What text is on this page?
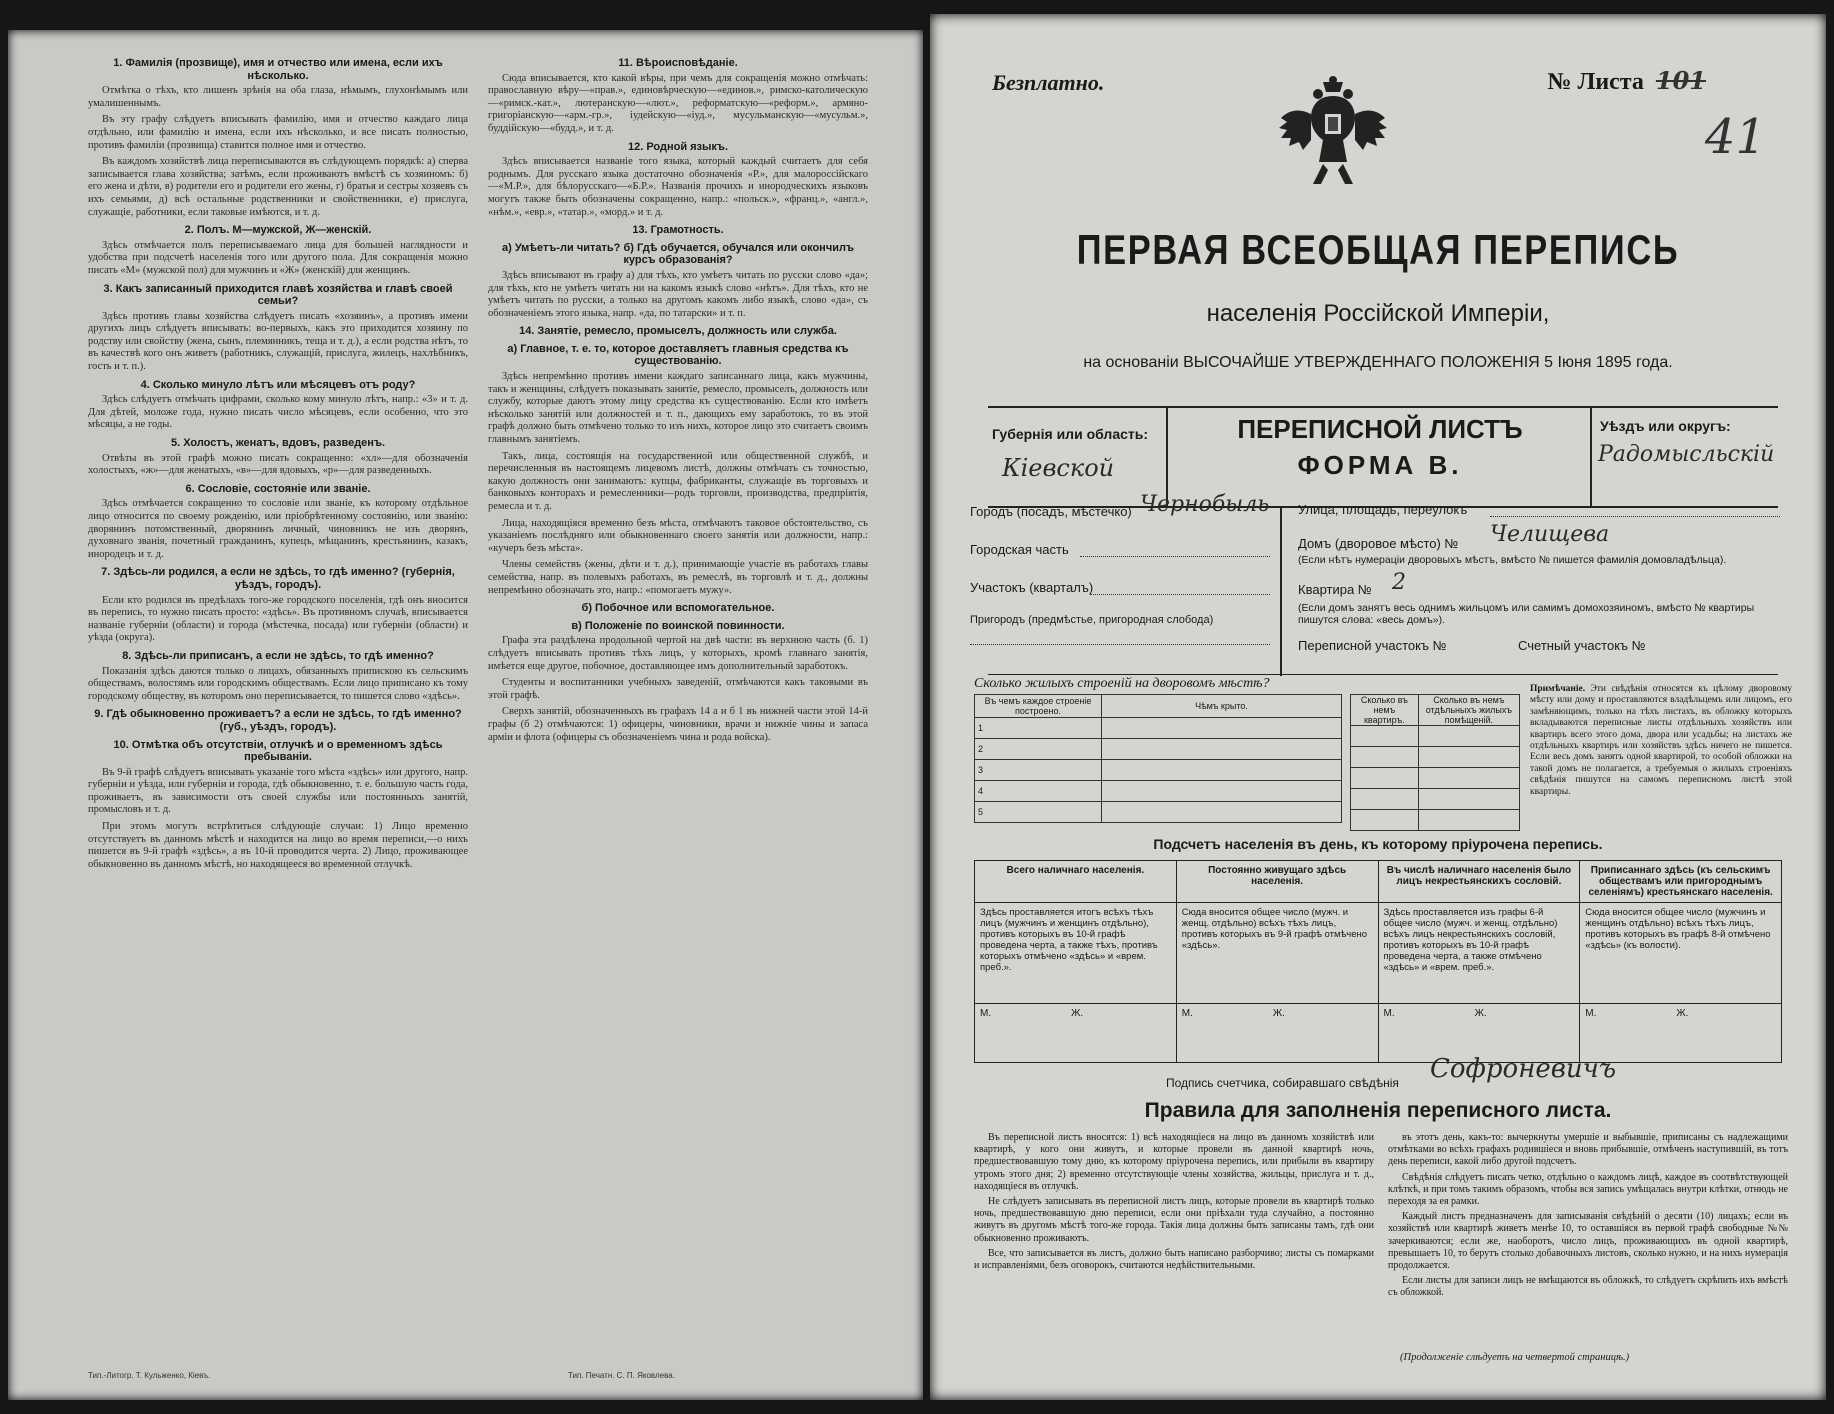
1. Фамилія (прозвище), имя и отчество или имена, если ихъ нѣсколько.

Отмѣтка о тѣхъ, кто лишенъ зрѣнія на оба глаза, нѣмымъ, глухонѣмымъ или умалишеннымъ.

Въ эту графу слѣдуетъ вписывать фамилію, имя и отчество каждаго лица отдѣльно, или фамилію и имена, если ихъ нѣсколько, и все писать полностью, противъ фамиліи (прозвища) ставится полное имя и отчество.

Въ каждомъ хозяйствѣ лица переписываются въ слѣдующемъ порядкѣ: а) сперва записывается глава хозяйства; затѣмъ, если проживаютъ вмѣстѣ съ хозяиномъ: б) его жена и дѣти, в) родители его и родители его жены, г) братья и сестры хозяевъ съ ихъ семьями, д) всѣ остальные родственники и свойственники, е) прислуга, служащіе, работники, если таковые имѣются, и т. д.

2. Полъ. М—мужской, Ж—женскій.

Здѣсь отмѣчается полъ переписываемаго лица для большей наглядности и удобства при подсчетѣ населенія того или другого пола. Для сокращенія можно писать «М» (мужской пол) для мужчинъ и «Ж» (женскій) для женщинъ.

3. Какъ записанный приходится главѣ хозяйства и главѣ своей семьи?

Здѣсь противъ главы хозяйства слѣдуетъ писать «хозяинъ», а противъ имени другихъ лицъ слѣдуетъ вписывать: во-первыхъ, какъ это приходится хозяину по родству или свойству (жена, сынъ, племянникъ, теща и т. д.), а если родства нѣтъ, то въ качествѣ кого онъ живетъ (работникъ, служащій, прислуга, жилецъ, нахлѣбникъ, гость и т. п.).

4. Сколько минуло лѣтъ или мѣсяцевъ отъ роду?

Здѣсь слѣдуетъ отмѣчать цифрами, сколько кому минуло лѣтъ, напр.: «3» и т. д. Для дѣтей, моложе года, нужно писать число мѣсяцевъ, если особенно, что это мѣсяцы, а не годы.

5. Холостъ, женатъ, вдовъ, разведенъ.

Отвѣты въ этой графѣ можно писать сокращенно: «хл»—для обозначенія холостыхъ, «ж»—для женатыхъ, «в»—для вдовыхъ, «р»—для разведенныхъ.

6. Сословіе, состояніе или званіе.

Здѣсь отмѣчается сокращенно то сословіе или званіе, къ которому отдѣльное лицо относится по своему рожденію, или пріобрѣтенному состоянію, или званію: дворянинъ потомственный, дворянинъ личный, чиновникъ не изъ дворянъ, духовнаго званія, почетный гражданинъ, купецъ, мѣщанинъ, крестьянинъ, казакъ, инородецъ и т. д.

7. Здѣсь-ли родился, а если не здѣсь, то гдѣ именно? (губернія, уѣздъ, городъ).

Если кто родился въ предѣлахъ того-же городского поселенія, гдѣ онъ вносится въ перепись, то нужно писать просто: «здѣсь». Въ противномъ случаѣ, вписывается названіе губерніи (области) и города (мѣстечка, посада) или губерніи (области) и уѣзда (округа).

8. Здѣсь-ли приписанъ, а если не здѣсь, то гдѣ именно?

Показанія здѣсь даются только о лицахъ, обязанныхъ припискою къ сельскимъ обществамъ, волостямъ или городскимъ обществамъ. Если лицо приписано къ тому городскому обществу, въ которомъ оно переписывается, то пишется слово «здѣсь».

9. Гдѣ обыкновенно проживаетъ? а если не здѣсь, то гдѣ именно? (губ., уѣздъ, городъ).
10. Отмѣтка объ отсутствіи, отлучкѣ и о временномъ здѣсь пребываніи.

Въ 9-й графѣ слѣдуетъ вписывать указаніе того мѣста «здѣсь» или другого, напр. губерніи и уѣзда, или губерніи и города, гдѣ обыкновенно, т. е. большую часть года, проживаетъ, въ зависимости отъ своей службы или постоянныхъ занятій, промысловъ и т. д.

При этомъ могутъ встрѣтиться слѣдующіе случаи: 1) Лицо временно отсутствуетъ въ данномъ мѣстѣ и находится на лицо во время переписи,—о нихъ пишется въ 9-й графѣ «здѣсь», а въ 10-й проводится черта. 2) Лицо, проживающее обыкновенно въ данномъ мѣстѣ, но находящееся во временной отлучкѣ.

11. Вѣроисповѣданіе.

Сюда вписывается, кто какой вѣры, при чемъ для сокращенія можно отмѣчать: православную вѣру—«прав.», единовѣрческую—«единов.», римско-католическую—«римск.-кат.», лютеранскую—«лют.», реформатскую—«реформ.», армяно-григоріанскую—«арм.-гр.», іудейскую—«іуд.», мусульманскую—«мусульм.», буддійскую—«будд.», и т. д.

12. Родной языкъ.

Здѣсь вписывается названіе того языка, который каждый считаетъ для себя роднымъ. Для русскаго языка достаточно обозначенія «Р.», для малороссійскаго—«М.Р.», для бѣлорусскаго—«Б.Р.». Названія прочихъ и инородческихъ языковъ могутъ также быть обозначены сокращенно, напр.: «польск.», «франц.», «англ.», «нѣм.», «евр.», «татар.», «морд.» и т. д.

13. Грамотность.
а) Умѣетъ-ли читать? б) Гдѣ обучается, обучался или окончилъ курсъ образованія?

Здѣсь вписывают въ графу а) для тѣхъ, кто умѣетъ читать по русски слово «да»; для тѣхъ, кто не умѣетъ читать ни на какомъ языкѣ слово «нѣтъ». Для тѣхъ, кто не умѣетъ читать по русски, а только на другомъ какомъ либо языкѣ, слово «да», съ обозначеніемъ этого языка, напр. «да, по татарски» и т. п.

14. Занятіе, ремесло, промыселъ, должность или служба.
а) Главное, т. е. то, которое доставляетъ главныя средства къ существованію.

Здѣсь непремѣнно противъ имени каждаго записаннаго лица, какъ мужчины, такъ и женщины, слѣдуетъ показывать занятіе, ремесло, промыселъ, должность или службу, которые даютъ этому лицу средства къ существованію. Если кто имѣетъ нѣсколько занятій или должностей и т. п., дающихъ ему заработокъ, то въ этой графѣ должно быть отмѣчено только то изъ нихъ, которое лицо это считаетъ своимъ главнымъ занятіемъ.

Такъ, лица, состоящія на государственной или общественной службѣ, и перечисленныя въ настоящемъ лицевомъ листѣ, должны отмѣчать съ точностью, какую должность они занимаютъ: купцы, фабриканты, служащіе въ торговыхъ и банковыхъ конторахъ и ремесленники—родъ торговли, производства, предпріятія, ремесла и т. д.

Лица, находящіяся временно безъ мѣста, отмѣчаютъ таковое обстоятельство, съ указаніемъ послѣдняго или обыкновеннаго своего занятія или должности, напр.: «кучеръ безъ мѣста».

Члены семействъ (жены, дѣти и т. д.), принимающіе участіе въ работахъ главы семейства, напр. въ полевыхъ работахъ, въ ремеслѣ, въ торговлѣ и т. д., должны непремѣнно обозначать это, напр.: «помогаетъ мужу».

б) Побочное или вспомогательное.
в) Положеніе по воинской повинности.

Графа эта раздѣлена продольной чертой на двѣ части: въ верхнюю часть (б. 1) слѣдуетъ вписывать противъ тѣхъ лицъ, у которыхъ, кромѣ главнаго занятія, имѣется еще другое, побочное, доставляющее имъ дополнительный заработокъ.

Студенты и воспитанники учебныхъ заведеній, отмѣчаются какъ таковыми въ этой графѣ.

Сверхъ занятій, обозначенныхъ въ графахъ 14 а и б 1 въ нижней части этой 14-й графы (б 2) отмѣчаются: 1) офицеры, чиновники, врачи и нижніе чины и запаса арміи и флота (офицеры съ обозначеніемъ чина и рода войска).

Тип.-Литогр. Т. Кульженко, Кіевъ.	Тип. Печатн. С. П. Яковлева.
Безплатно.	№ Листа 101
41
ПЕРВАЯ ВСЕОБЩАЯ ПЕРЕПИСЬ
населенія Россійской Имперіи,
на основаніи ВЫСОЧАЙШЕ УТВЕРЖДЕННАГО ПОЛОЖЕНІЯ 5 Іюня 1895 года.
Губернія или область:
Кіевской
ПЕРЕПИСНОЙ ЛИСТЪ
ФОРМА В.
Уѣздъ или округъ:
Радомысльскій
Городъ (посадъ, мѣстечко) Чернобыль
Городская часть
Участокъ (кварталъ)
Пригородъ (предмѣстье, пригородная слобода)
Улица, площадь, переулокъ
Домъ (дворовое мѣсто) № Челищева
(Если нѣтъ нумераціи дворовыхъ мѣстъ, вмѣсто № пишется фамилія домовладѣльца).
Квартира № 2
(Если домъ занятъ весь однимъ жильцомъ или самимъ домохозяиномъ, вмѣсто № квартиры пишутся слова: «весь домъ»).
Переписной участокъ №	Счетный участокъ №
Сколько жилыхъ строеній на дворовомъ мѣстѣ?
Въ чемъ каждое строеніе построено.	Чѣмъ крыто.
1	
2	
3	
4	
5	
Сколько въ немъ квартиръ.	Сколько въ немъ отдѣльныхъ жилыхъ помѣщеній.

Примѣчаніе. Эти свѣдѣнія относятся къ цѣлому дворовому мѣсту или дому и проставляются владѣльцемъ или лицомъ, его замѣняющимъ, только на тѣхъ листахъ, въ обложку которыхъ вкладываются переписные листы отдѣльныхъ хозяйствъ или квартиръ всего этого дома, двора или усадьбы; на листахъ же отдѣльныхъ квартиръ или хозяйствъ здѣсь ничего не пишется. Если весь домъ занятъ одной квартирой, то особой обложки на такой домъ не полагается, а требуемыя о жилыхъ строеніяхъ свѣдѣнія пишутся на самомъ переписномъ листѣ этой квартиры.
Подсчетъ населенія въ день, къ которому пріурочена перепись.
Всего наличнаго населенія.	Постоянно живущаго здѣсь населенія.	Въ числѣ наличнаго населенія было лицъ некрестьянскихъ сословій.	Приписаннаго здѣсь (къ сельскимъ обществамъ или пригороднымъ селеніямъ) крестьянскаго населенія.
Здѣсь проставляется итогъ всѣхъ тѣхъ лицъ (мужчинъ и женщинъ отдѣльно), противъ которыхъ въ 10-й графѣ проведена черта, а также тѣхъ, противъ которыхъ отмѣчено «здѣсь» и «врем. преб.».	Сюда вносится общее число (мужч. и женщ. отдѣльно) всѣхъ тѣхъ лицъ, противъ которыхъ въ 9-й графѣ отмѣчено «здѣсь».	Здѣсь проставляется изъ графы 6-й общее число (мужч. и женщ. отдѣльно) всѣхъ лицъ некрестьянскихъ сословій, противъ которыхъ въ 10-й графѣ проведена черта, а также отмѣчено «здѣсь» и «врем. преб.».	Сюда вносится общее число (мужчинъ и женщинъ отдѣльно) всѣхъ тѣхъ лицъ, противъ которыхъ въ графѣ 8-й отмѣчено «здѣсь» (къ волости).
М. Ж.	М. Ж.	М. Ж.	М. Ж.
Подпись счетчика, собиравшаго свѣдѣнія Софроневичъ
Правила для заполненія переписного листа.

Въ переписной листъ вносятся: 1) всѣ находящіеся на лицо въ данномъ хозяйствѣ или квартирѣ, у кого они живутъ, и которые провели въ данной квартирѣ ночь, предшествовавшую тому дню, къ которому пріурочена перепись, или прибыли въ квартиру утромъ этого дня; 2) временно отсутствующіе члены хозяйства, жильцы, прислуга и т. д., находящіеся въ отлучкѣ.

Не слѣдуетъ записывать въ переписной листъ лицъ, которые провели въ квартирѣ только ночь, предшествовавшую дню переписи, если они пріѣхали туда случайно, а постоянно живутъ въ другомъ мѣстѣ того-же города. Такія лица должны быть записаны тамъ, гдѣ они обыкновенно проживаютъ.

Все, что записывается въ листъ, должно быть написано разборчиво; листы съ помарками и исправленіями, безъ оговорокъ, считаются недѣйствительными.

въ этотъ день, какъ-то: вычеркнуты умершіе и выбывшіе, приписаны съ надлежащими отмѣтками во всѣхъ графахъ родившіеся и вновь прибывшіе, отмѣченъ наступившій, въ тотъ день переписи, какой либо другой подсчетъ.

Свѣдѣнія слѣдуетъ писать четко, отдѣльно о каждомъ лицѣ, каждое въ соотвѣтствующей клѣткѣ, и при томъ такимъ образомъ, чтобы вся запись умѣщалась внутри клѣтки, отнюдь не переходя за ея рамки.

Каждый листъ предназначенъ для записыванія свѣдѣній о десяти (10) лицахъ; если въ хозяйствѣ или квартирѣ живетъ менѣе 10, то оставшіяся въ первой графѣ свободные №№ зачеркиваются; если же, наоборотъ, число лицъ, проживающихъ въ одной квартирѣ, превышаетъ 10, то берутъ столько добавочныхъ листовъ, сколько нужно, и на нихъ нумерація продолжается.

Если листы для записи лицъ не вмѣщаются въ обложкѣ, то слѣдуетъ скрѣпить ихъ вмѣстѣ съ обложкой.

(Продолженіе слѣдуетъ на четвертой страницѣ.)
